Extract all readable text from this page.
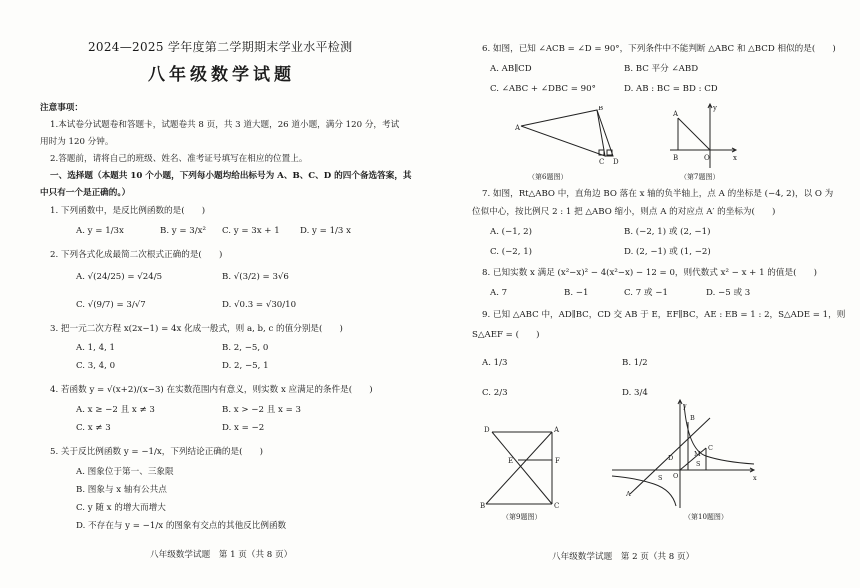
2024—2025 学年度第二学期期末学业水平检测
八年级数学试题
注意事项：
1.本试卷分试题卷和答题卡，试题卷共 8 页，共 3 道大题，26 道小题，满分 120 分，考试
用时为 120 分钟。
2.答题前，请将自己的班级、姓名、准考证号填写在相应的位置上。
一、选择题（本题共 10 个小题，下列每小题均给出标号为 A、B、C、D 的四个备选答案，其
中只有一个是正确的。）
1. 下列函数中，是反比例函数的是(　　)
A. y = 1/3x	B. y = 3/x² C. y = 3x + 1 D. y = 1/3 x
2. 下列各式化成最简二次根式正确的是(　　)
A. √(24/25) = √24/5	B. √(3/2) = 3√6
C. √(9/7) = 3/√7	D. √0.3 = √30/10
3. 把一元二次方程 x(2x−1) = 4x 化成一般式，则 a, b, c 的值分别是(　　)
A. 1, 4, 1	B. 2, −5, 0
C. 3, 4, 0	D. 2, −5, 1
4. 若函数 y = √(x+2)/(x−3) 在实数范围内有意义，则实数 x 应满足的条件是(　　)
A. x ≥ −2 且 x ≠ 3	B. x > −2 且 x = 3
C. x ≠ 3	D. x = −2
5. 关于反比例函数 y = −1/x，下列结论正确的是(　　)
A. 图象位于第一、三象限
B. 图象与 x 轴有公共点
C. y 随 x 的增大而增大
D. 不存在与 y = −1/x 的图象有交点的其他反比例函数
八年级数学试题　第 1 页（共 8 页）
6. 如图，已知 ∠ACB = ∠D = 90°，下列条件中不能判断 △ABC 和 △BCD 相似的是(　　)
A. AB∥CD	B. BC 平分 ∠ABD
C. ∠ABC + ∠DBC = 90°	D. AB : BC = BD : CD
A
B
C D
（第6题图）
A
B	O	x
y
（第7题图）
7. 如图，Rt△ABO 中，直角边 BO 落在 x 轴的负半轴上，点 A 的坐标是 (−4, 2)，以 O 为
位似中心，按比例尺 2 : 1 把 △ABO 缩小，则点 A 的对应点 A′ 的坐标为(　　)
A. (−1, 2)	B. (−2, 1) 或 (2, −1)
C. (−2, 1)	D. (2, −1) 或 (1, −2)
8. 已知实数 x 满足 (x²−x)² − 4(x²−x) − 12 = 0，则代数式 x² − x + 1 的值是(　　)
A. 7	B. −1	C. 7 或 −1	D. −5 或 3
9. 已知 △ABC 中，AD∥BC，CD 交 AB 于 E，EF∥BC，AE : EB = 1 : 2，S△ADE = 1，则
S△AEF = (　　)
A. 1/3	B. 1/2
C. 2/3	D. 3/4
D	A
E	F
B	C
（第9题图）
y
x
O
B
C
M
S
D
A
S
（第10题图）
八年级数学试题　第 2 页（共 8 页）
